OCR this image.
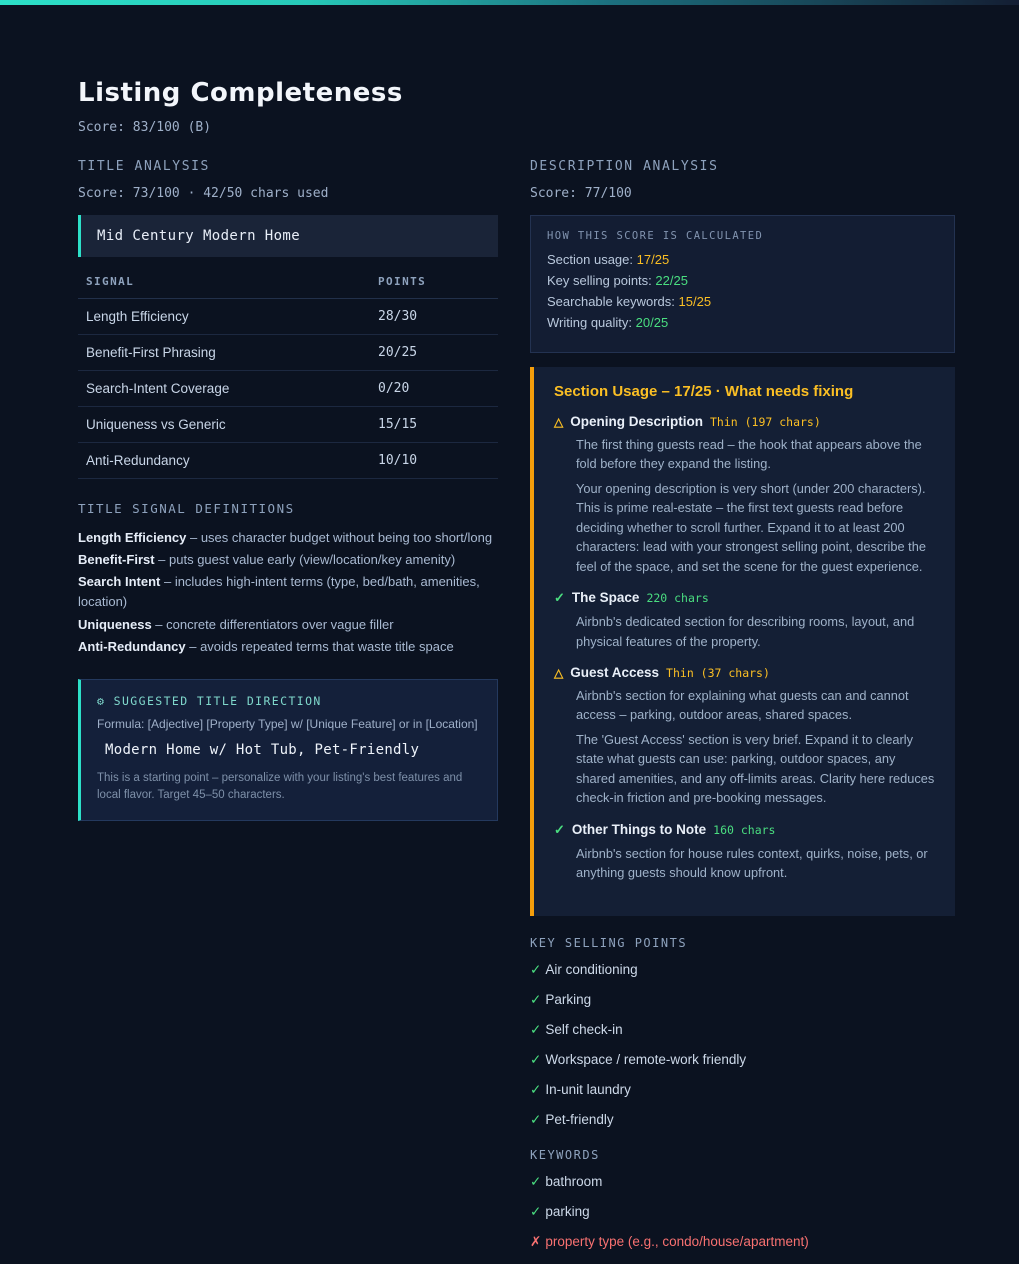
Listing Completeness
Score: 83/100 (B)
TITLE ANALYSIS
Score: 73/100 · 42/50 chars used
Mid Century Modern Home
SIGNAL	POINTS
Length Efficiency	28/30
Benefit-First Phrasing	20/25
Search-Intent Coverage	0/20
Uniqueness vs Generic	15/15
Anti-Redundancy	10/10
TITLE SIGNAL DEFINITIONS
Length Efficiency – uses character budget without being too short/long
Benefit-First – puts guest value early (view/location/key amenity)
Search Intent – includes high-intent terms (type, bed/bath, amenities, location)
Uniqueness – concrete differentiators over vague filler
Anti-Redundancy – avoids repeated terms that waste title space
⚙ SUGGESTED TITLE DIRECTION
Formula: [Adjective] [Property Type] w/ [Unique Feature] or in [Location]
Modern Home w/ Hot Tub, Pet-Friendly
This is a starting point – personalize with your listing's best features and local flavor. Target 45–50 characters.
DESCRIPTION ANALYSIS
Score: 77/100
HOW THIS SCORE IS CALCULATED
Section usage: 17/25
Key selling points: 22/25
Searchable keywords: 15/25
Writing quality: 20/25
Section Usage – 17/25 · What needs fixing
△ Opening Description Thin (197 chars)
The first thing guests read – the hook that appears above the fold before they expand the listing.
Your opening description is very short (under 200 characters). This is prime real-estate – the first text guests read before deciding whether to scroll further. Expand it to at least 200 characters: lead with your strongest selling point, describe the feel of the space, and set the scene for the guest experience.
✓ The Space 220 chars
Airbnb's dedicated section for describing rooms, layout, and physical features of the property.
△ Guest Access Thin (37 chars)
Airbnb's section for explaining what guests can and cannot access – parking, outdoor areas, shared spaces.
The 'Guest Access' section is very brief. Expand it to clearly state what guests can use: parking, outdoor spaces, any shared amenities, and any off-limits areas. Clarity here reduces check-in friction and pre-booking messages.
✓ Other Things to Note 160 chars
Airbnb's section for house rules context, quirks, noise, pets, or anything guests should know upfront.
KEY SELLING POINTS
✓ Air conditioning
✓ Parking
✓ Self check-in
✓ Workspace / remote-work friendly
✓ In-unit laundry
✓ Pet-friendly
KEYWORDS
✓ bathroom
✓ parking
✗ property type (e.g., condo/house/apartment)
